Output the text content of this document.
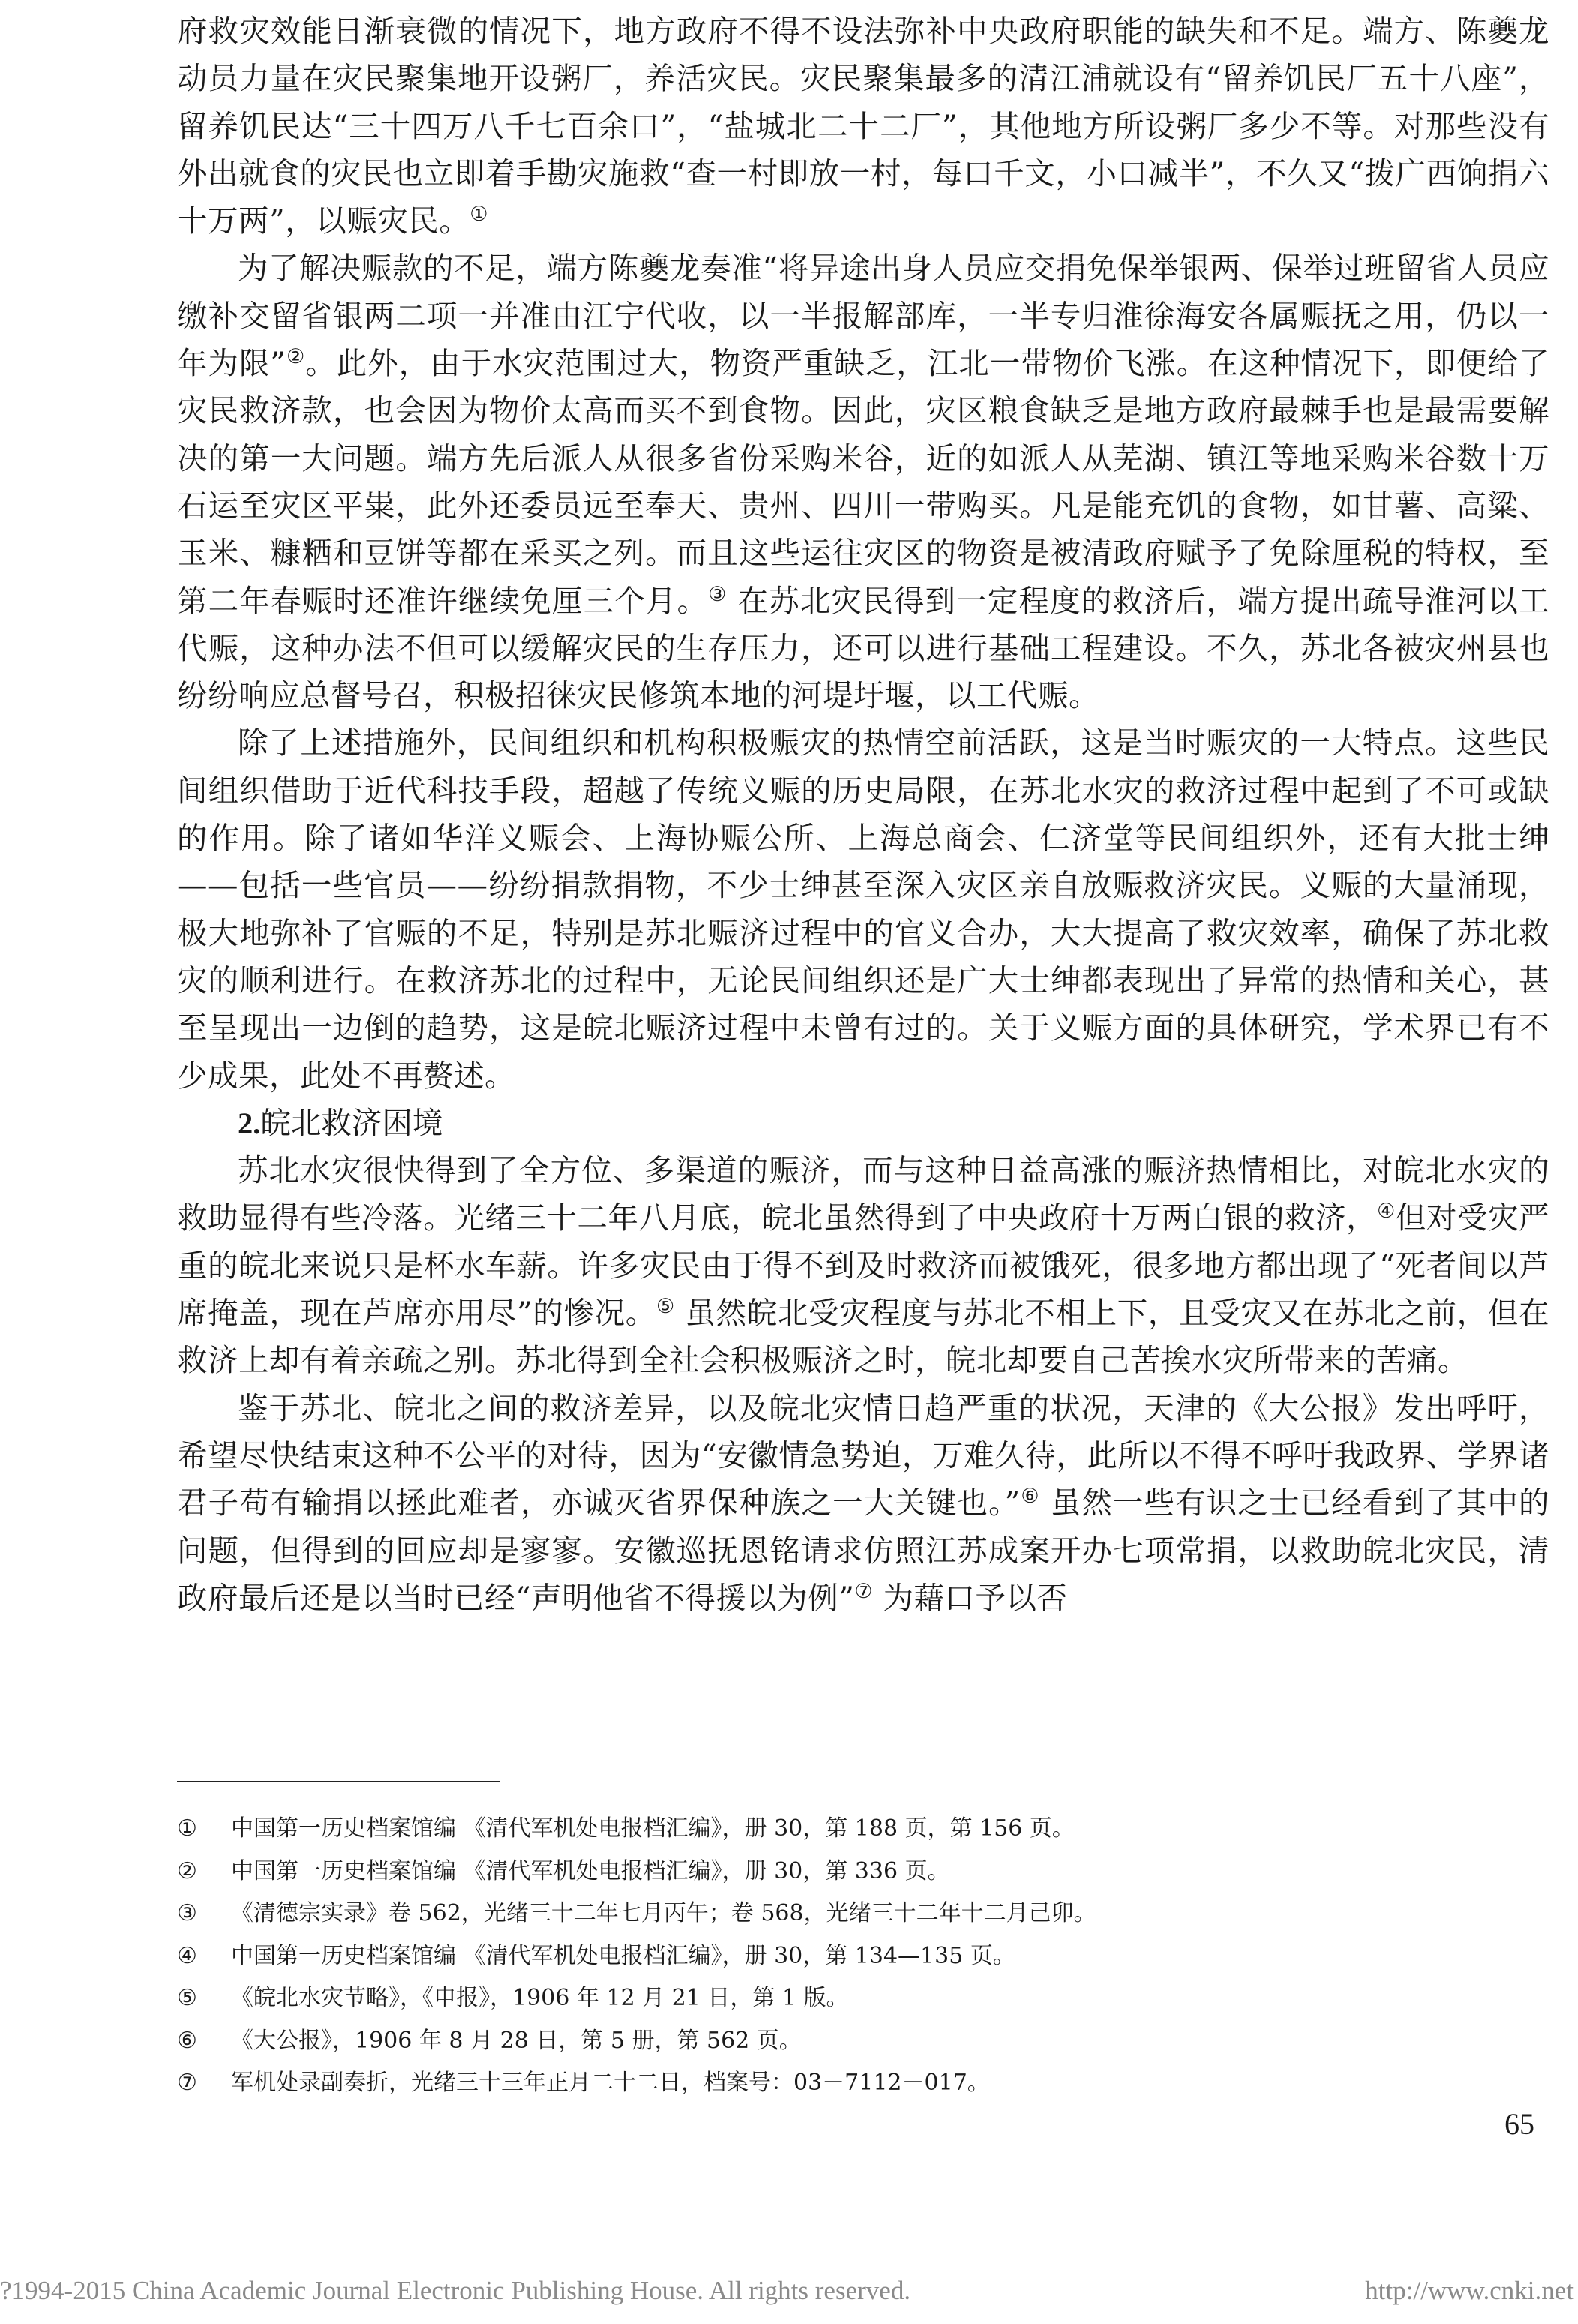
府救灾效能日渐衰微的情况下，地方政府不得不设法弥补中央政府职能的缺失和不足。端方、陈夔龙动员力量在灾民聚集地开设粥厂，养活灾民。灾民聚集最多的清江浦就设有“留养饥民厂五十八座”，留养饥民达“三十四万八千七百余口”，“盐城北二十二厂”，其他地方所设粥厂多少不等。对那些没有外出就食的灾民也立即着手勘灾施救“查一村即放一村，每口千文，小口减半”，不久又“拨广西饷捐六十万两”，以赈灾民。①

为了解决赈款的不足，端方陈夔龙奏准“将异途出身人员应交捐免保举银两、保举过班留省人员应缴补交留省银两二项一并准由江宁代收，以一半报解部库，一半专归淮徐海安各属赈抚之用，仍以一年为限”②。此外，由于水灾范围过大，物资严重缺乏，江北一带物价飞涨。在这种情况下，即便给了灾民救济款，也会因为物价太高而买不到食物。因此，灾区粮食缺乏是地方政府最棘手也是最需要解决的第一大问题。端方先后派人从很多省份采购米谷，近的如派人从芜湖、镇江等地采购米谷数十万石运至灾区平粜，此外还委员远至奉天、贵州、四川一带购买。凡是能充饥的食物，如甘薯、高粱、玉米、糠粞和豆饼等都在采买之列。而且这些运往灾区的物资是被清政府赋予了免除厘税的特权，至第二年春赈时还准许继续免厘三个月。③ 在苏北灾民得到一定程度的救济后，端方提出疏导淮河以工代赈，这种办法不但可以缓解灾民的生存压力，还可以进行基础工程建设。不久，苏北各被灾州县也纷纷响应总督号召，积极招徕灾民修筑本地的河堤圩堰，以工代赈。

除了上述措施外，民间组织和机构积极赈灾的热情空前活跃，这是当时赈灾的一大特点。这些民间组织借助于近代科技手段，超越了传统义赈的历史局限，在苏北水灾的救济过程中起到了不可或缺的作用。除了诸如华洋义赈会、上海协赈公所、上海总商会、仁济堂等民间组织外，还有大批士绅——包括一些官员——纷纷捐款捐物，不少士绅甚至深入灾区亲自放赈救济灾民。义赈的大量涌现，极大地弥补了官赈的不足，特别是苏北赈济过程中的官义合办，大大提高了救灾效率，确保了苏北救灾的顺利进行。在救济苏北的过程中，无论民间组织还是广大士绅都表现出了异常的热情和关心，甚至呈现出一边倒的趋势，这是皖北赈济过程中未曾有过的。关于义赈方面的具体研究，学术界已有不少成果，此处不再赘述。

2.皖北救济困境

苏北水灾很快得到了全方位、多渠道的赈济，而与这种日益高涨的赈济热情相比，对皖北水灾的救助显得有些冷落。光绪三十二年八月底，皖北虽然得到了中央政府十万两白银的救济，④但对受灾严重的皖北来说只是杯水车薪。许多灾民由于得不到及时救济而被饿死，很多地方都出现了“死者间以芦席掩盖，现在芦席亦用尽”的惨况。⑤ 虽然皖北受灾程度与苏北不相上下，且受灾又在苏北之前，但在救济上却有着亲疏之别。苏北得到全社会积极赈济之时，皖北却要自己苦挨水灾所带来的苦痛。

鉴于苏北、皖北之间的救济差异，以及皖北灾情日趋严重的状况，天津的《大公报》发出呼吁，希望尽快结束这种不公平的对待，因为“安徽情急势迫，万难久待，此所以不得不呼吁我政界、学界诸君子苟有输捐以拯此难者，亦诚灭省界保种族之一大关键也。”⑥ 虽然一些有识之士已经看到了其中的问题，但得到的回应却是寥寥。安徽巡抚恩铭请求仿照江苏成案开办七项常捐，以救助皖北灾民，清政府最后还是以当时已经“声明他省不得援以为例”⑦ 为藉口予以否

①	中国第一历史档案馆编 《清代军机处电报档汇编》，册 30，第 188 页，第 156 页。
②	中国第一历史档案馆编 《清代军机处电报档汇编》，册 30，第 336 页。
③	《清德宗实录》卷 562，光绪三十二年七月丙午；卷 568，光绪三十二年十二月己卯。
④	中国第一历史档案馆编 《清代军机处电报档汇编》，册 30，第 134—135 页。
⑤	《皖北水灾节略》，《申报》，1906 年 12 月 21 日，第 1 版。
⑥	《大公报》，1906 年 8 月 28 日，第 5 册，第 562 页。
⑦	军机处录副奏折，光绪三十三年正月二十二日，档案号：03－7112－017。
65
?1994-2015 China Academic Journal Electronic Publishing House. All rights reserved.	http://www.cnki.net
